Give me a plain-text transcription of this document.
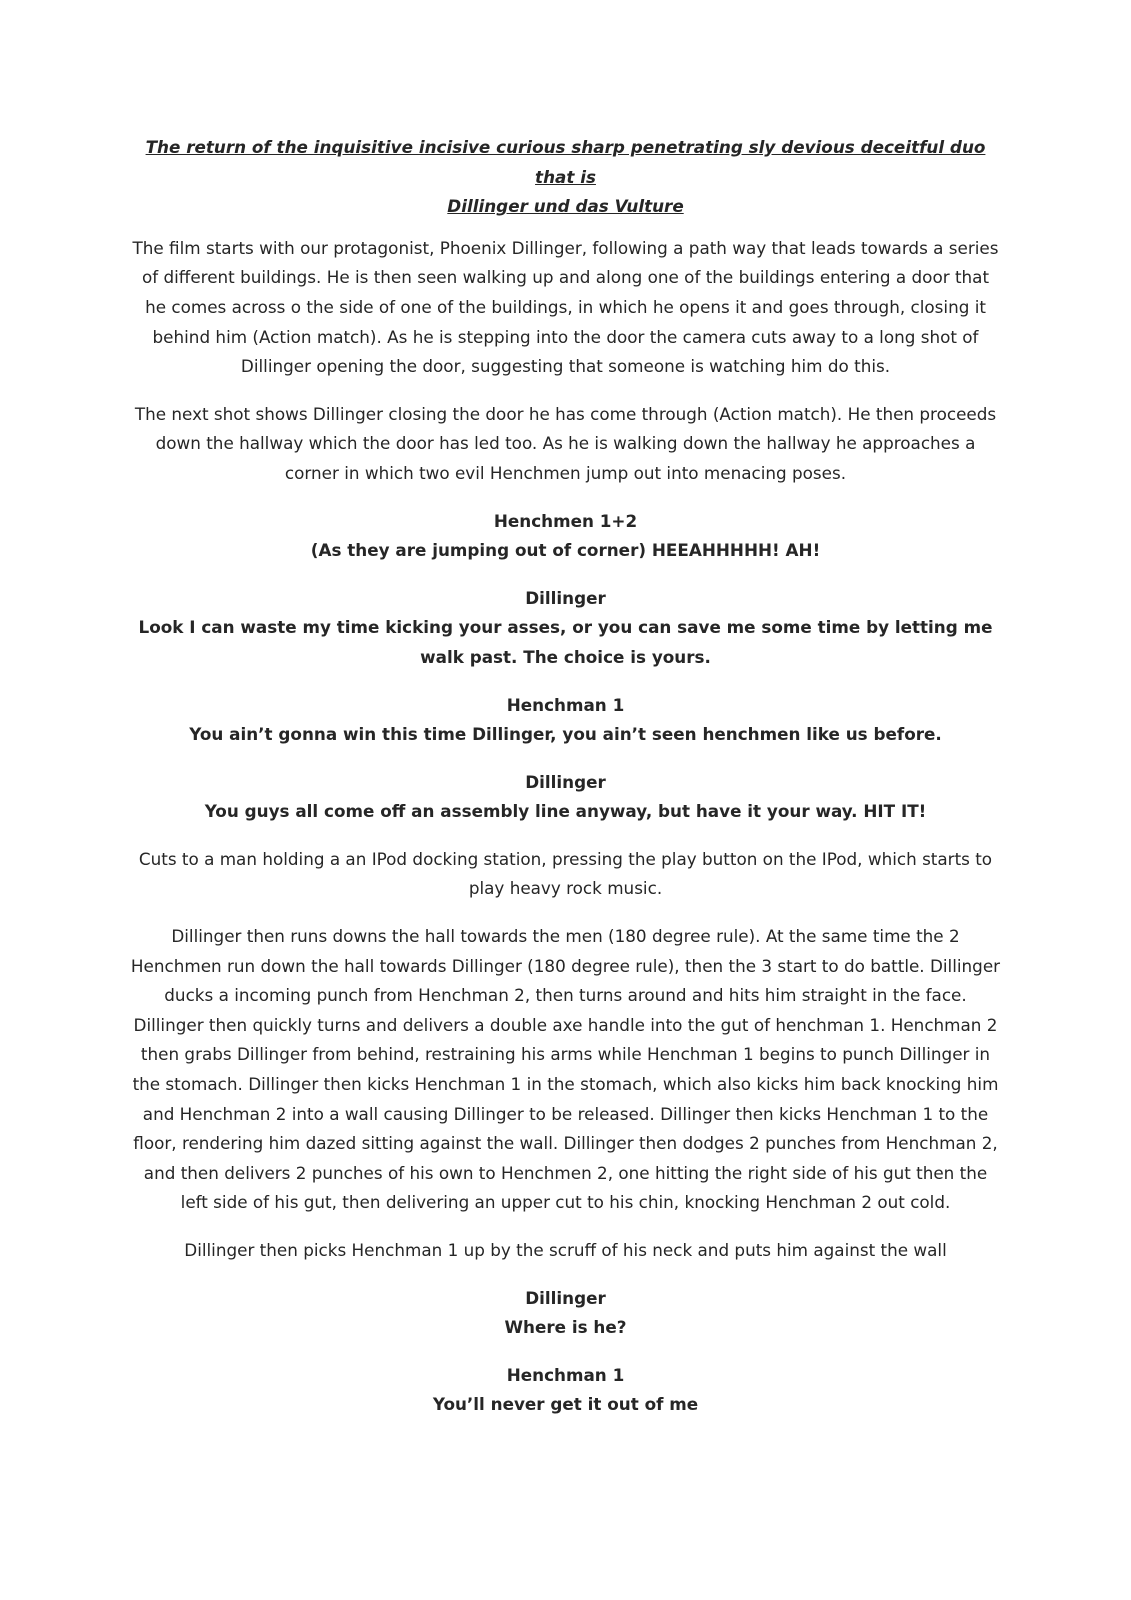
The return of the inquisitive incisive curious sharp penetrating sly devious deceitful duo that is
Dillinger und das Vulture

The film starts with our protagonist, Phoenix Dillinger, following a path way that leads towards a series of different buildings. He is then seen walking up and along one of the buildings entering a door that he comes across o the side of one of the buildings, in which he opens it and goes through, closing it behind him (Action match). As he is stepping into the door the camera cuts away to a long shot of Dillinger opening the door, suggesting that someone is watching him do this.

The next shot shows Dillinger closing the door he has come through (Action match). He then proceeds down the hallway which the door has led too. As he is walking down the hallway he approaches a corner in which two evil Henchmen jump out into menacing poses.

Henchmen 1+2
(As they are jumping out of corner) HEEAHHHHH! AH!
Dillinger
Look I can waste my time kicking your asses, or you can save me some time by letting me walk past. The choice is yours.
Henchman 1
You ain’t gonna win this time Dillinger, you ain’t seen henchmen like us before.
Dillinger
You guys all come off an assembly line anyway, but have it your way. HIT IT!

Cuts to a man holding a an IPod docking station, pressing the play button on the IPod, which starts to play heavy rock music.

Dillinger then runs downs the hall towards the men (180 degree rule). At the same time the 2 Henchmen run down the hall towards Dillinger (180 degree rule), then the 3 start to do battle. Dillinger ducks a incoming punch from Henchman 2, then turns around and hits him straight in the face. Dillinger then quickly turns and delivers a double axe handle into the gut of henchman 1. Henchman 2 then grabs Dillinger from behind, restraining his arms while Henchman 1 begins to punch Dillinger in the stomach. Dillinger then kicks Henchman 1 in the stomach, which also kicks him back knocking him and Henchman 2 into a wall causing Dillinger to be released. Dillinger then kicks Henchman 1 to the floor, rendering him dazed sitting against the wall. Dillinger then dodges 2 punches from Henchman 2, and then delivers 2 punches of his own to Henchmen 2, one hitting the right side of his gut then the left side of his gut, then delivering an upper cut to his chin, knocking Henchman 2 out cold.

Dillinger then picks Henchman 1 up by the scruff of his neck and puts him against the wall

Dillinger
Where is he?
Henchman 1
You’ll never get it out of me
